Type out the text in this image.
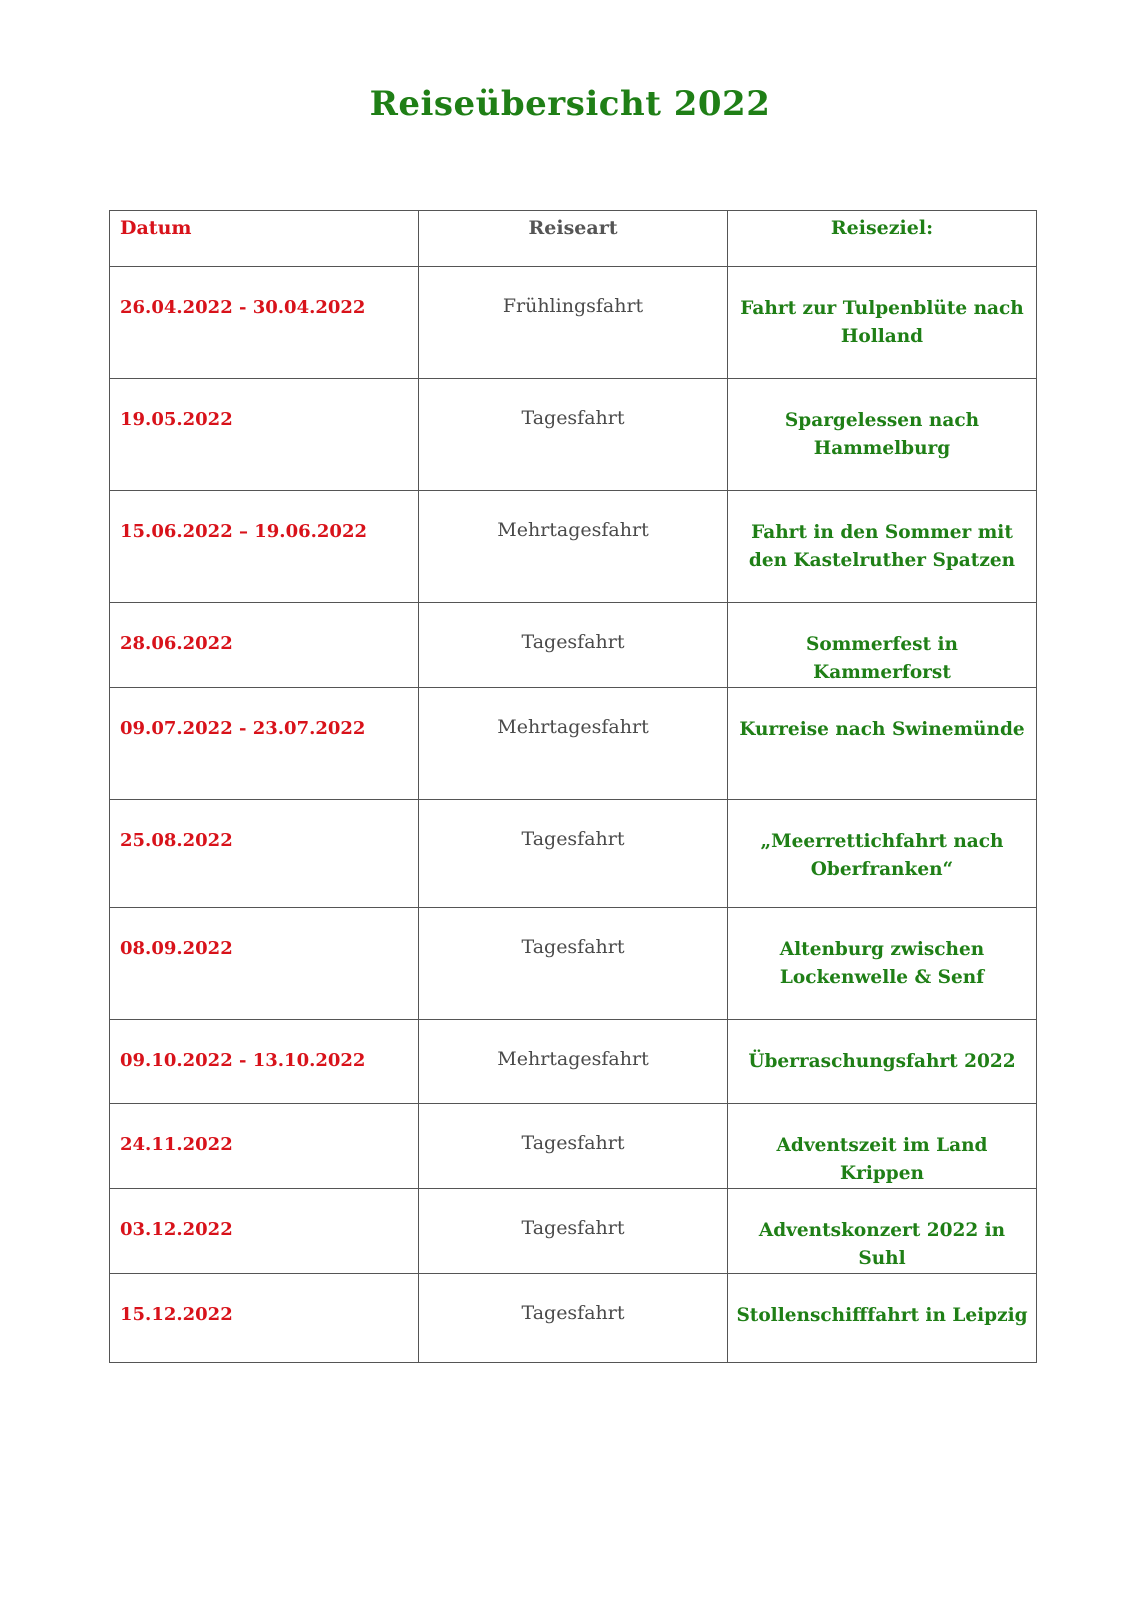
Reiseübersicht 2022
Datum	Reiseart	Reiseziel:
26.04.2022 - 30.04.2022	Frühlingsfahrt	Fahrt zur Tulpenblüte nach Holland
19.05.2022	Tagesfahrt	Spargelessen nach Hammelburg
15.06.2022 – 19.06.2022	Mehrtagesfahrt	Fahrt in den Sommer mit den Kastelruther Spatzen
28.06.2022	Tagesfahrt	Sommerfest in Kammerforst
09.07.2022 - 23.07.2022	Mehrtagesfahrt	Kurreise nach Swinemünde
25.08.2022	Tagesfahrt	„Meerrettichfahrt nach Oberfranken“
08.09.2022	Tagesfahrt	Altenburg zwischen Lockenwelle & Senf
09.10.2022 - 13.10.2022	Mehrtagesfahrt	Überraschungsfahrt 2022
24.11.2022	Tagesfahrt	Adventszeit im Land Krippen
03.12.2022	Tagesfahrt	Adventskonzert 2022 in Suhl
15.12.2022	Tagesfahrt	Stollenschifffahrt in Leipzig
